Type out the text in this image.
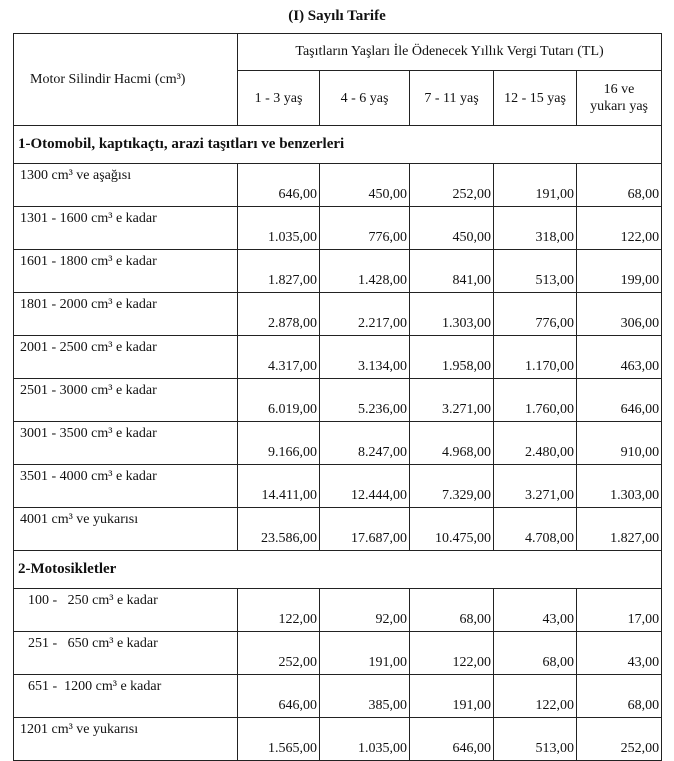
(I) Sayılı Tarife
Motor Silindir Hacmi (cm³)	Taşıtların Yaşları İle Ödenecek Yıllık Vergi Tutarı (TL)				
	1 - 3 yaş	4 - 6 yaş	7 - 11 yaş	12 - 15 yaş	16 ve
yukarı yaş
1-Otomobil, kaptıkaçtı, arazi taşıtları ve benzerleri					
1300 cm³ ve aşağısı	646,00	450,00	252,00	191,00	68,00
1301 - 1600 cm³ e kadar	1.035,00	776,00	450,00	318,00	122,00
1601 - 1800 cm³ e kadar	1.827,00	1.428,00	841,00	513,00	199,00
1801 - 2000 cm³ e kadar	2.878,00	2.217,00	1.303,00	776,00	306,00
2001 - 2500 cm³ e kadar	4.317,00	3.134,00	1.958,00	1.170,00	463,00
2501 - 3000 cm³ e kadar	6.019,00	5.236,00	3.271,00	1.760,00	646,00
3001 - 3500 cm³ e kadar	9.166,00	8.247,00	4.968,00	2.480,00	910,00
3501 - 4000 cm³ e kadar	14.411,00	12.444,00	7.329,00	3.271,00	1.303,00
4001 cm³ ve yukarısı	23.586,00	17.687,00	10.475,00	4.708,00	1.827,00
2-Motosikletler					
100 -   250 cm³ e kadar	122,00	92,00	68,00	43,00	17,00
251 -   650 cm³ e kadar	252,00	191,00	122,00	68,00	43,00
651 -  1200 cm³ e kadar	646,00	385,00	191,00	122,00	68,00
1201 cm³ ve yukarısı	1.565,00	1.035,00	646,00	513,00	252,00
